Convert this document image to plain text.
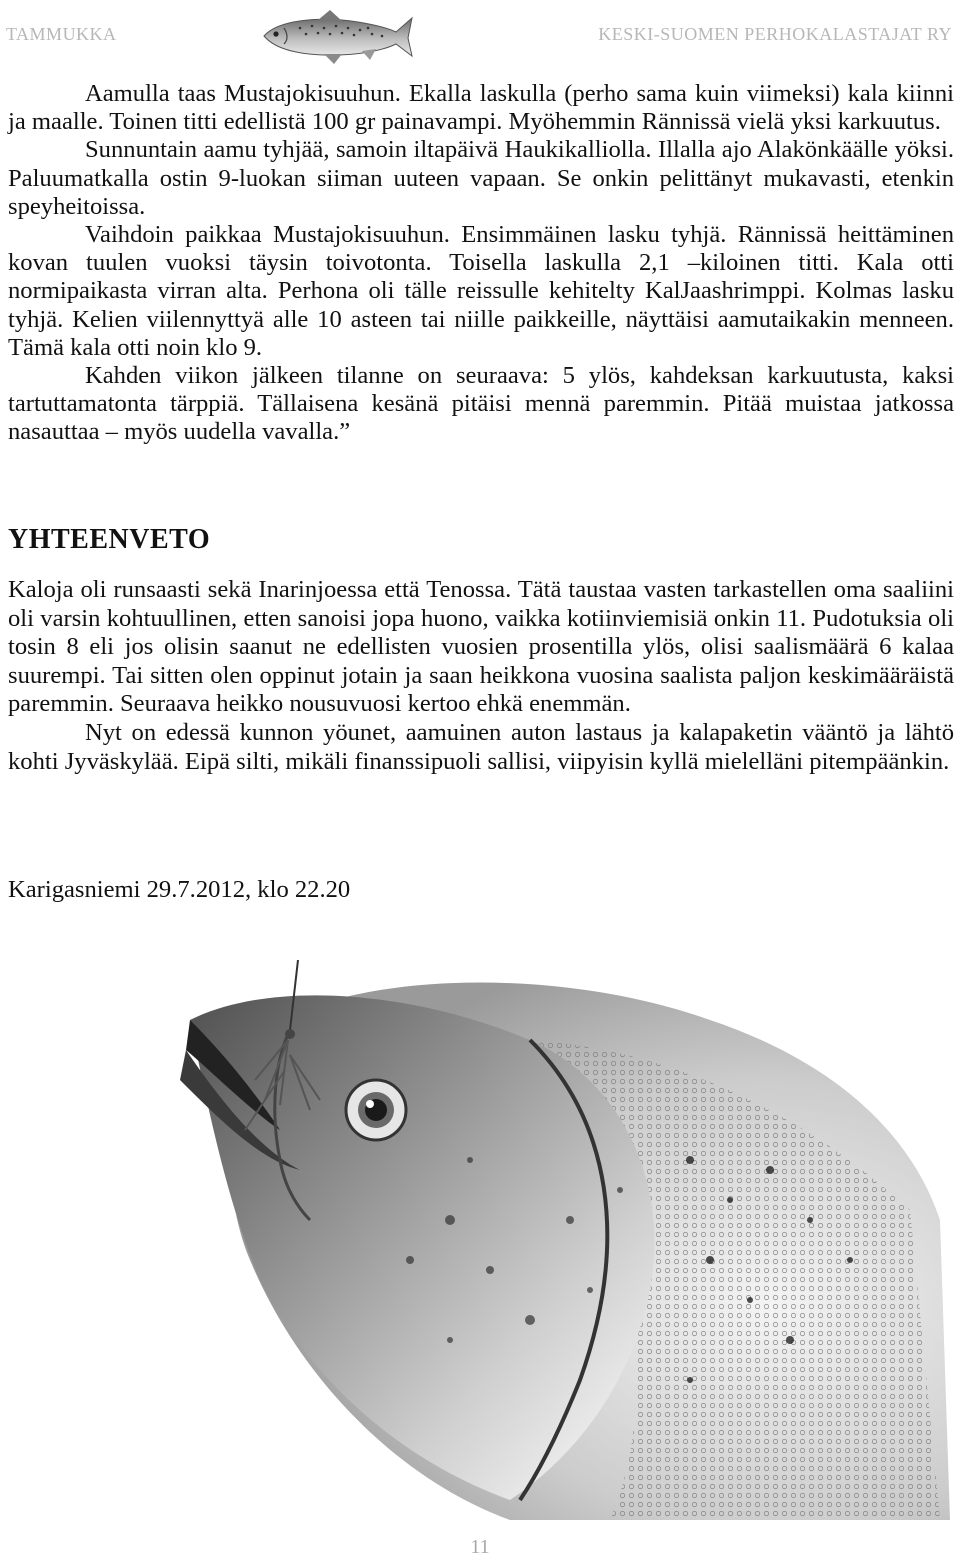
TAMMUKKA	KESKI-SUOMEN PERHOKALASTAJAT RY

Aamulla taas Mustajokisuuhun. Ekalla laskulla (perho sama kuin viimeksi) kala kiinni ja maalle. Toinen titti edellistä 100 gr painavampi. Myöhemmin Rännissä vielä yksi karkuutus.

Sunnuntain aamu tyhjää, samoin iltapäivä Haukikalliolla. Illalla ajo Alakönkäälle yöksi. Paluumatkalla ostin 9-luokan siiman uuteen vapaan. Se onkin pelittänyt mukavasti, etenkin speyheitoissa.

Vaihdoin paikkaa Mustajokisuuhun. Ensimmäinen lasku tyhjä. Rännissä heittäminen kovan tuulen vuoksi täysin toivotonta. Toisella laskulla 2,1 –kiloinen titti. Kala otti normipaikasta virran alta. Perhona oli tälle reissulle kehitelty KalJaashrimppi. Kolmas lasku tyhjä. Kelien viilennyttyä alle 10 asteen tai niille paikkeille, näyttäisi aamutaikakin menneen. Tämä kala otti noin klo 9.

Kahden viikon jälkeen tilanne on seuraava: 5 ylös, kahdeksan karkuutusta, kaksi tartuttamatonta tärppiä. Tällaisena kesänä pitäisi mennä paremmin. Pitää muistaa jatkossa nasauttaa – myös uudella vavalla.”

YHTEENVETO

Kaloja oli runsaasti sekä Inarinjoessa että Tenossa. Tätä taustaa vasten tarkastellen oma saaliini oli varsin kohtuullinen, etten sanoisi jopa huono, vaikka kotiinviemisiä onkin 11. Pudotuksia oli tosin 8 eli jos olisin saanut ne edellisten vuosien prosentilla ylös, olisi saalismäärä 6 kalaa suurempi. Tai sitten olen oppinut jotain ja saan heikkona vuosina saalista paljon keskimääräistä paremmin. Seuraava heikko nousuvuosi kertoo ehkä enemmän.

Nyt on edessä kunnon yöunet, aamuinen auton lastaus ja kalapaketin vääntö ja lähtö kohti Jyväskylää. Eipä silti, mikäli finanssipuoli sallisi, viipyisin kyllä mielelläni pitempäänkin.

Karigasniemi 29.7.2012, klo 22.20
11
